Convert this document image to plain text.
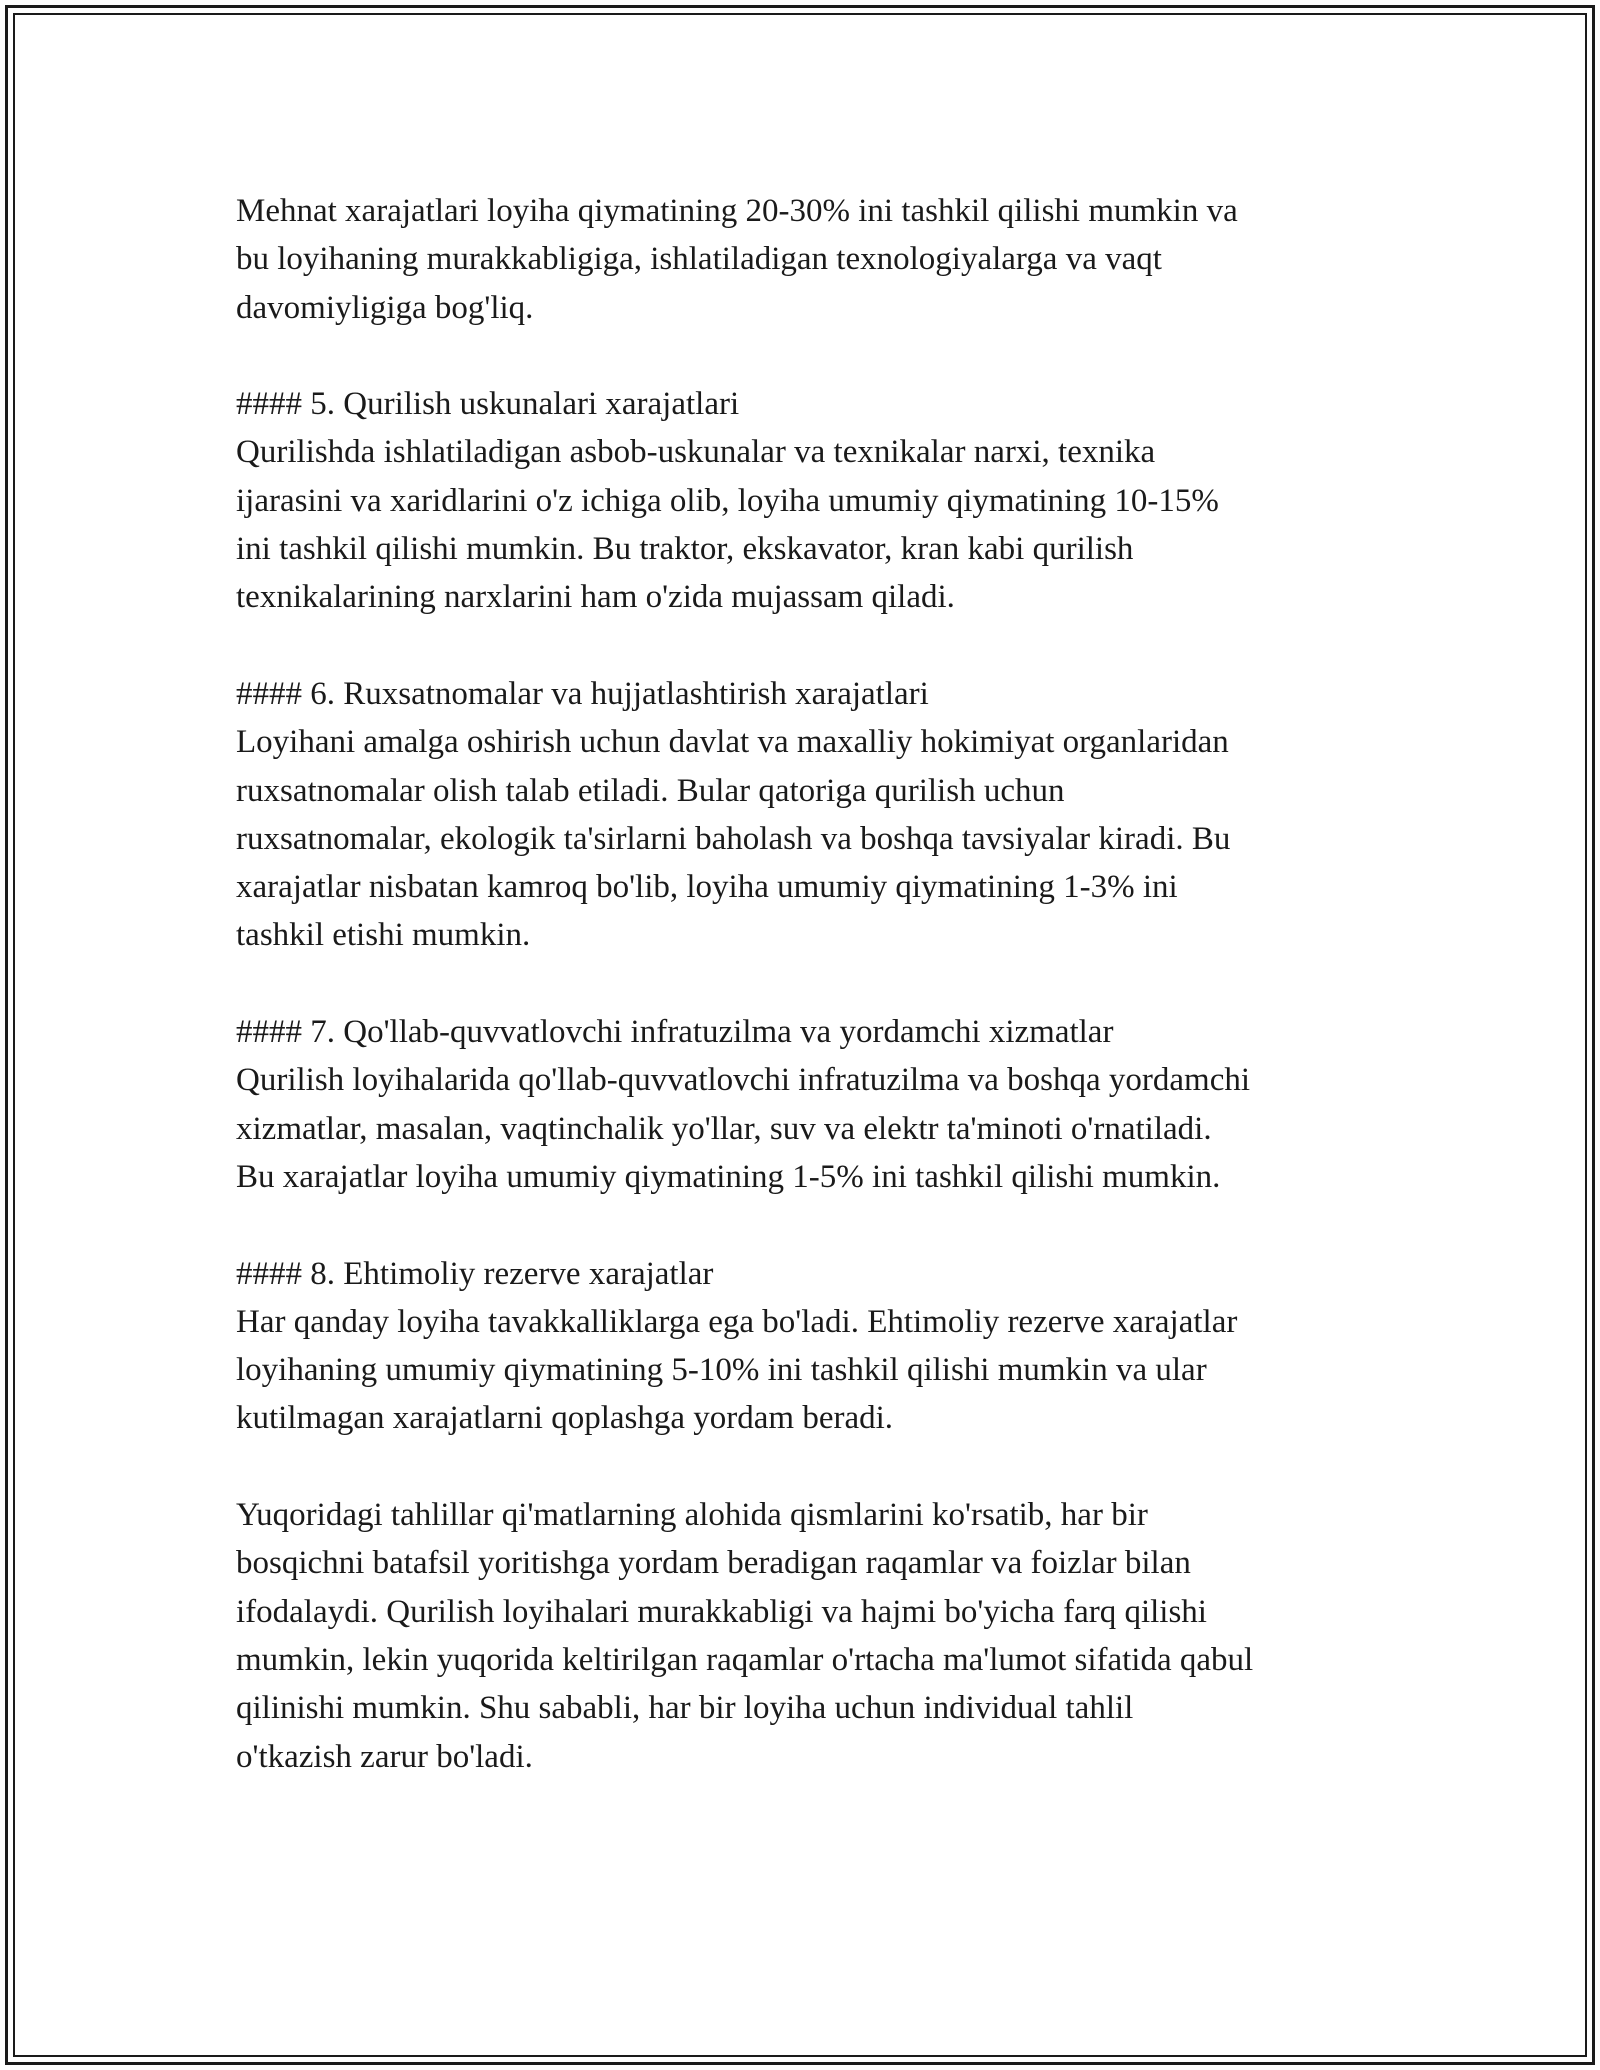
Mehnat xarajatlari loyiha qiymatining 20-30% ini tashkil qilishi mumkin va
bu loyihaning murakkabligiga, ishlatiladigan texnologiyalarga va vaqt
davomiyligiga bog'liq.
#### 5. Qurilish uskunalari xarajatlari
Qurilishda ishlatiladigan asbob-uskunalar va texnikalar narxi, texnika
ijarasini va xaridlarini o'z ichiga olib, loyiha umumiy qiymatining 10-15%
ini tashkil qilishi mumkin. Bu traktor, ekskavator, kran kabi qurilish
texnikalarining narxlarini ham o'zida mujassam qiladi.
#### 6. Ruxsatnomalar va hujjatlashtirish xarajatlari
Loyihani amalga oshirish uchun davlat va maxalliy hokimiyat organlaridan
ruxsatnomalar olish talab etiladi. Bular qatoriga qurilish uchun
ruxsatnomalar, ekologik ta'sirlarni baholash va boshqa tavsiyalar kiradi. Bu
xarajatlar nisbatan kamroq bo'lib, loyiha umumiy qiymatining 1-3% ini
tashkil etishi mumkin.
#### 7. Qo'llab-quvvatlovchi infratuzilma va yordamchi xizmatlar
Qurilish loyihalarida qo'llab-quvvatlovchi infratuzilma va boshqa yordamchi
xizmatlar, masalan, vaqtinchalik yo'llar, suv va elektr ta'minoti o'rnatiladi.
Bu xarajatlar loyiha umumiy qiymatining 1-5% ini tashkil qilishi mumkin.
#### 8. Ehtimoliy rezerve xarajatlar
Har qanday loyiha tavakkalliklarga ega bo'ladi. Ehtimoliy rezerve xarajatlar
loyihaning umumiy qiymatining 5-10% ini tashkil qilishi mumkin va ular
kutilmagan xarajatlarni qoplashga yordam beradi.
Yuqoridagi tahlillar qi'matlarning alohida qismlarini ko'rsatib, har bir
bosqichni batafsil yoritishga yordam beradigan raqamlar va foizlar bilan
ifodalaydi. Qurilish loyihalari murakkabligi va hajmi bo'yicha farq qilishi
mumkin, lekin yuqorida keltirilgan raqamlar o'rtacha ma'lumot sifatida qabul
qilinishi mumkin. Shu sababli, har bir loyiha uchun individual tahlil
o'tkazish zarur bo'ladi.
